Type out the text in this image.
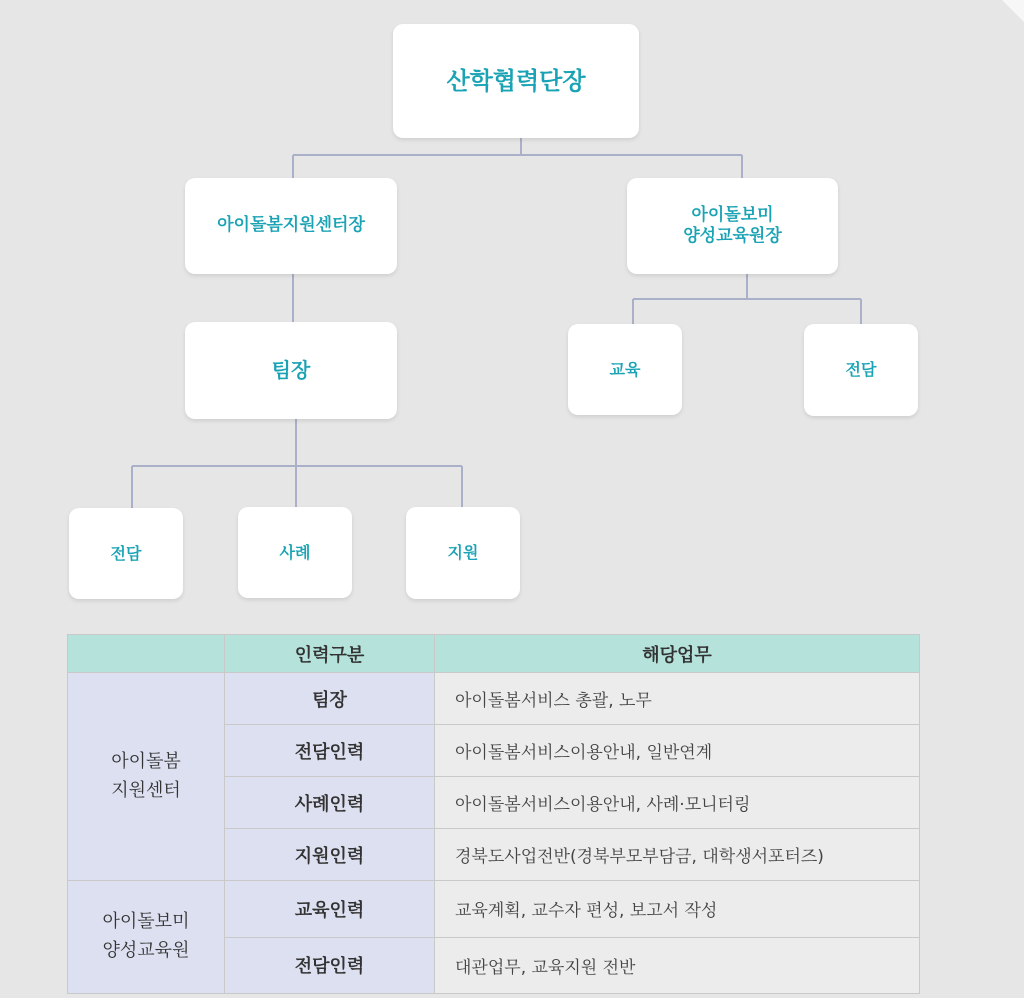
산학협력단장
아이돌봄지원센터장
아이돌보미
양성교육원장
팀장	교육	전담
전담	사례	지원
	인력구분	해당업무
아이돌봄
지원센터	팀장	아이돌봄서비스 총괄, 노무
	전담인력	아이돌봄서비스이용안내, 일반연계
	사례인력	아이돌봄서비스이용안내, 사례·모니터링
	지원인력	경북도사업전반(경북부모부담금, 대학생서포터즈)
아이돌보미
양성교육원	교육인력	교육계획, 교수자 편성, 보고서 작성
	전담인력	대관업무, 교육지원 전반
